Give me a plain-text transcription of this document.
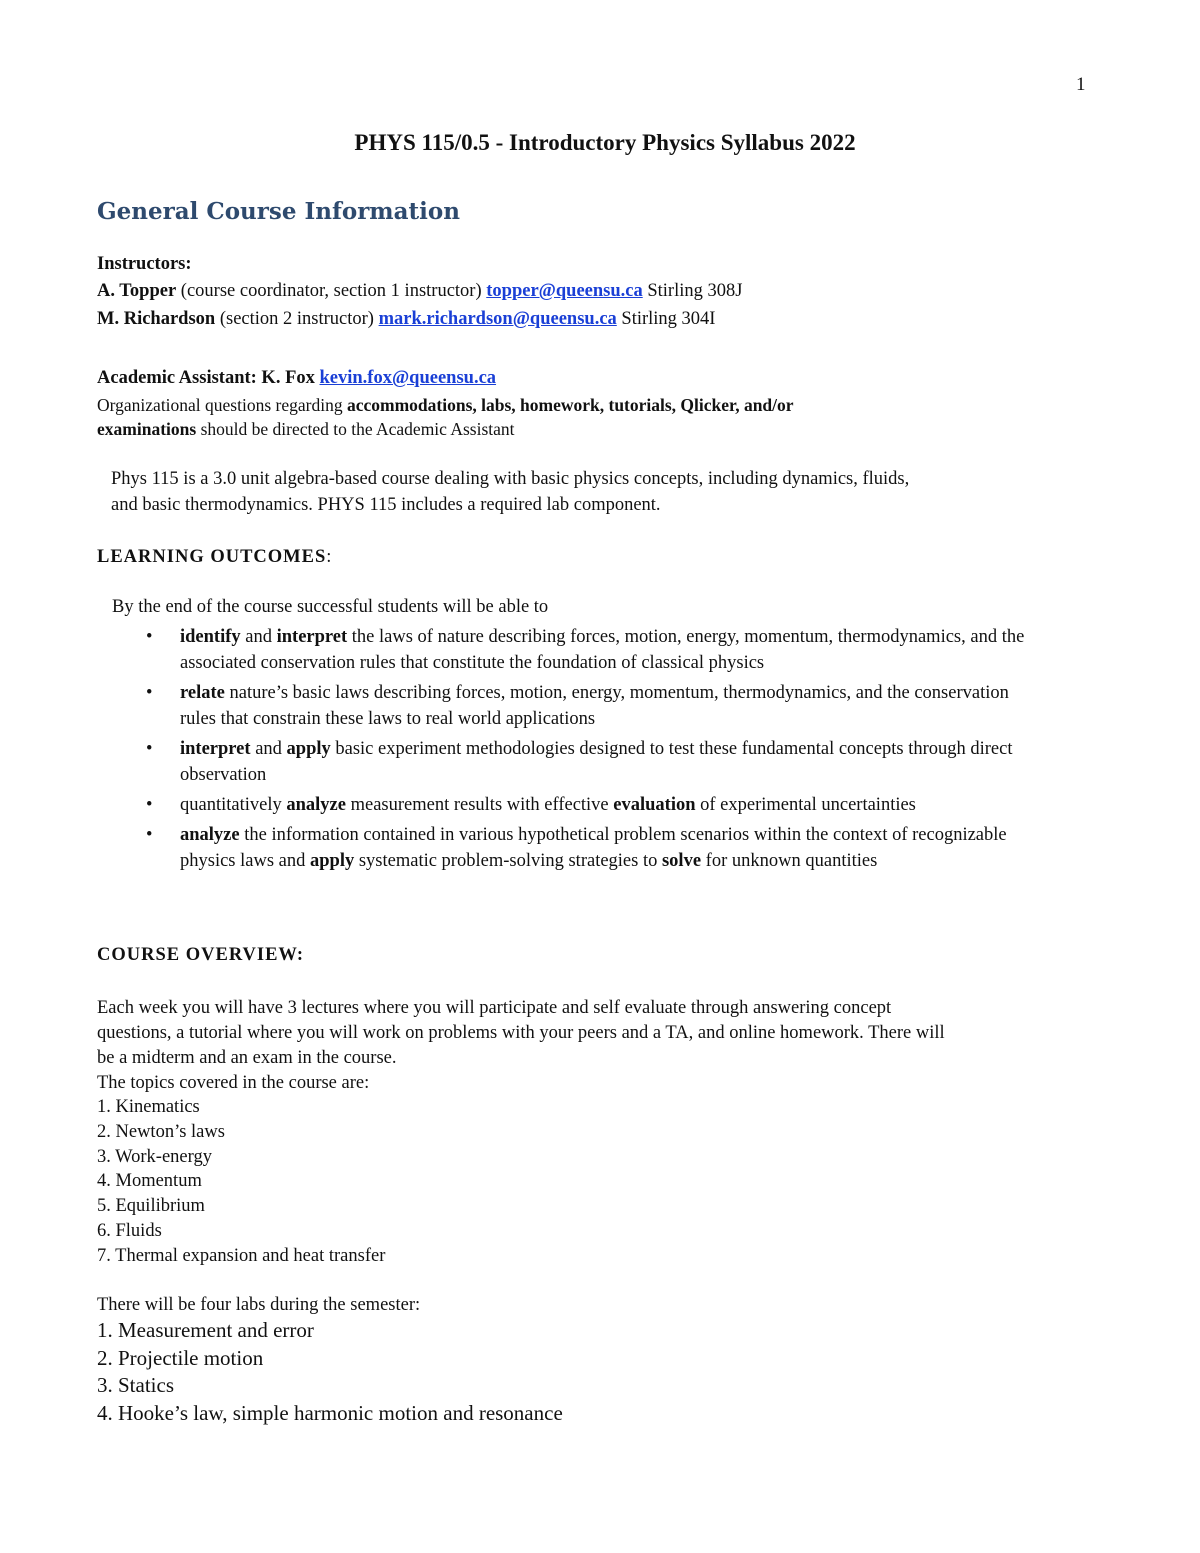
1
PHYS 115/0.5 - Introductory Physics Syllabus 2022
General Course Information
Instructors:
A. Topper (course coordinator, section 1 instructor) topper@queensu.ca Stirling 308J
M. Richardson (section 2 instructor) mark.richardson@queensu.ca Stirling 304I
Academic Assistant: K. Fox kevin.fox@queensu.ca
Organizational questions regarding accommodations, labs, homework, tutorials, Qlicker, and/or
examinations should be directed to the Academic Assistant
Phys 115 is a 3.0 unit algebra-based course dealing with basic physics concepts, including dynamics, fluids,
and basic thermodynamics. PHYS 115 includes a required lab component.
LEARNING OUTCOMES:
By the end of the course successful students will be able to
• identify and interpret the laws of nature describing forces, motion, energy, momentum, thermodynamics, and the associated conservation rules that constitute the foundation of classical physics
• relate nature’s basic laws describing forces, motion, energy, momentum, thermodynamics, and the conservation rules that constrain these laws to real world applications
• interpret and apply basic experiment methodologies designed to test these fundamental concepts through direct observation
• quantitatively analyze measurement results with effective evaluation of experimental uncertainties
• analyze the information contained in various hypothetical problem scenarios within the context of recognizable physics laws and apply systematic problem-solving strategies to solve for unknown quantities
COURSE OVERVIEW:
Each week you will have 3 lectures where you will participate and self evaluate through answering concept
questions, a tutorial where you will work on problems with your peers and a TA, and online homework. There will
be a midterm and an exam in the course.
The topics covered in the course are:
1. Kinematics
2. Newton’s laws
3. Work-energy
4. Momentum
5. Equilibrium
6. Fluids
7. Thermal expansion and heat transfer
There will be four labs during the semester:
1. Measurement and error
2. Projectile motion
3. Statics
4. Hooke’s law, simple harmonic motion and resonance
